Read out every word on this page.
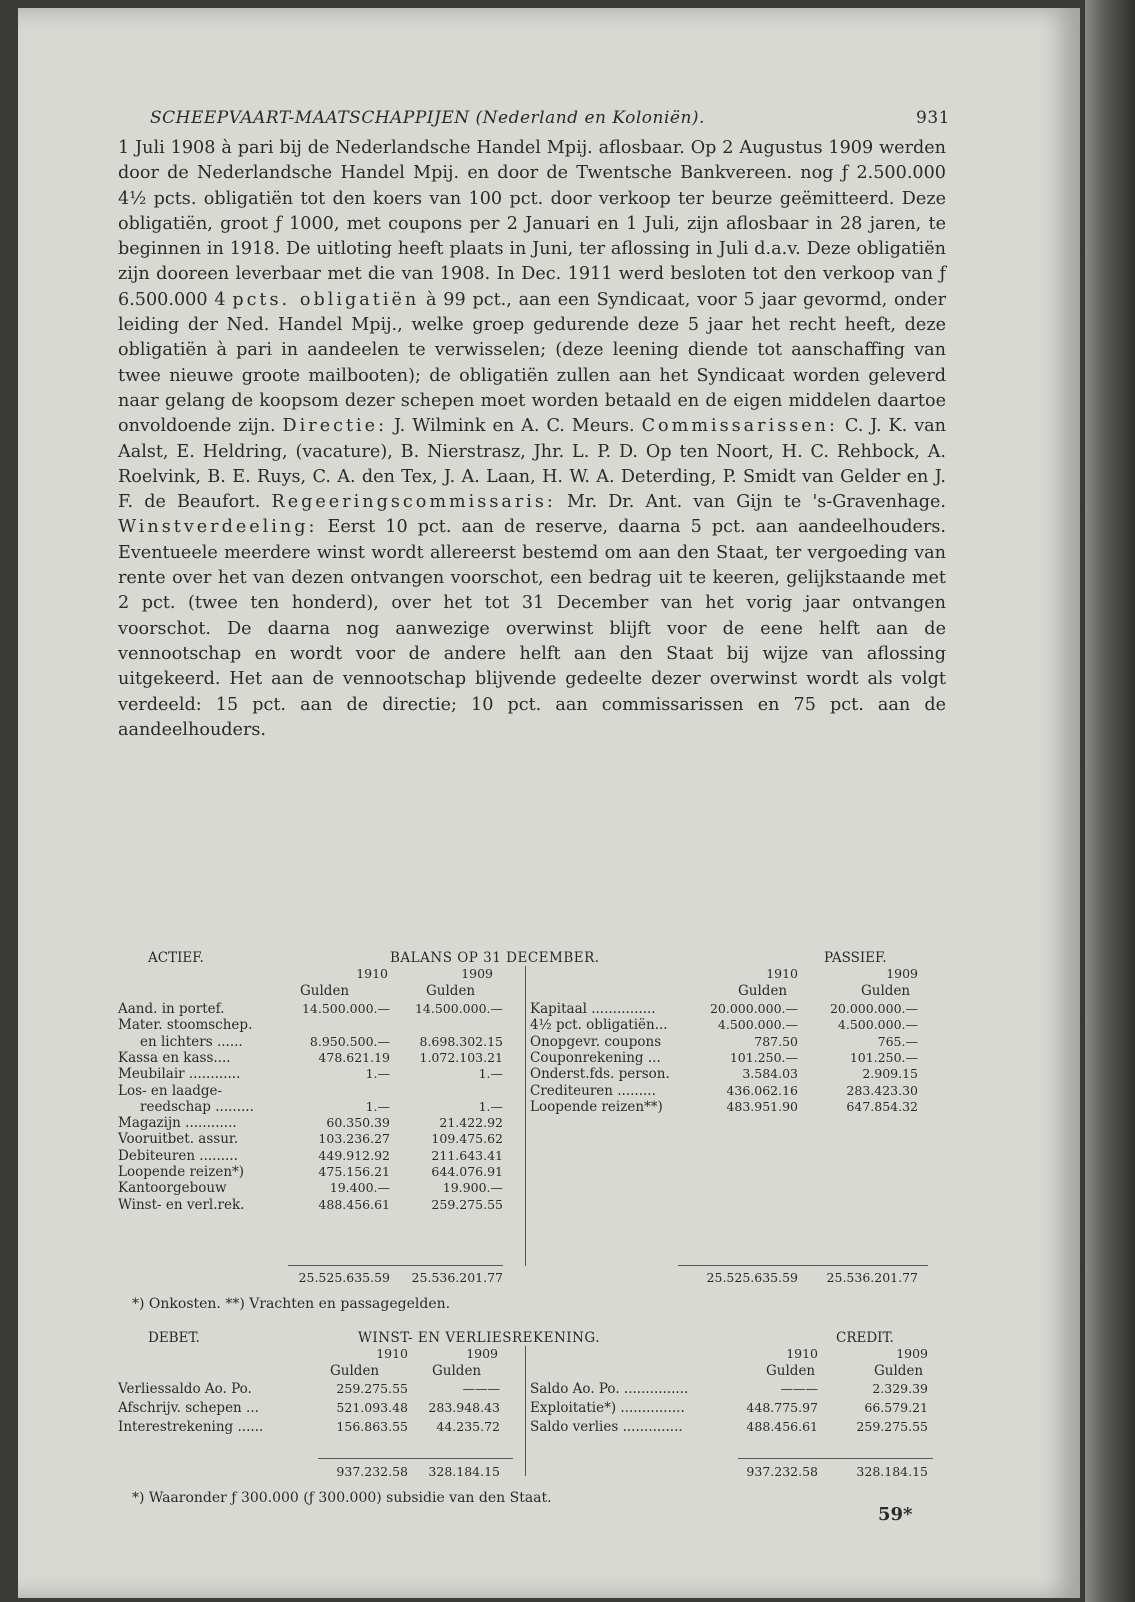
SCHEEPVAART-MAATSCHAPPIJEN (Nederland en Koloniën).	931

1 Juli 1908 à pari bij de Nederlandsche Handel Mpij. aflosbaar. Op 2 Augustus 1909 werden door de Nederlandsche Handel Mpij. en door de Twentsche Bankvereen. nog ƒ 2.500.000 4½ pcts. obligatiën tot den koers van 100 pct. door verkoop ter beurze geëmitteerd. Deze obligatiën, groot ƒ 1000, met coupons per 2 Januari en 1 Juli, zijn aflosbaar in 28 jaren, te beginnen in 1918. De uitloting heeft plaats in Juni, ter aflossing in Juli d.a.v. Deze obligatiën zijn dooreen leverbaar met die van 1908. In Dec. 1911 werd besloten tot den verkoop van ƒ 6.500.000 4 pcts. obligatiën à 99 pct., aan een Syndicaat, voor 5 jaar gevormd, onder leiding der Ned. Handel Mpij., welke groep gedurende deze 5 jaar het recht heeft, deze obligatiën à pari in aandeelen te verwisselen; (deze leening diende tot aanschaffing van twee nieuwe groote mailbooten); de obligatiën zullen aan het Syndicaat worden geleverd naar gelang de koopsom dezer schepen moet worden betaald en de eigen middelen daartoe onvoldoende zijn. Directie: J. Wilmink en A. C. Meurs. Commissarissen: C. J. K. van Aalst, E. Heldring, (vacature), B. Nierstrasz, Jhr. L. P. D. Op ten Noort, H. C. Rehbock, A. Roelvink, B. E. Ruys, C. A. den Tex, J. A. Laan, H. W. A. Deterding, P. Smidt van Gelder en J. F. de Beaufort. Regeeringscommissaris: Mr. Dr. Ant. van Gijn te 's-Gravenhage. Winstverdeeling: Eerst 10 pct. aan de reserve, daarna 5 pct. aan aandeelhouders. Eventueele meerdere winst wordt allereerst bestemd om aan den Staat, ter vergoeding van rente over het van dezen ontvangen voorschot, een bedrag uit te keeren, gelijkstaande met 2 pct. (twee ten honderd), over het tot 31 December van het vorig jaar ontvangen voorschot. De daarna nog aanwezige overwinst blijft voor de eene helft aan de vennootschap en wordt voor de andere helft aan den Staat bij wijze van aflossing uitgekeerd. Het aan de vennootschap blijvende gedeelte dezer overwinst wordt als volgt verdeeld: 15 pct. aan de directie; 10 pct. aan commissarissen en 75 pct. aan de aandeelhouders.

ACTIEF.	BALANS OP 31 DECEMBER.	PASSIEF.
1910	1909	1910	1909
Gulden	Gulden	Gulden	Gulden
Aand. in portef.	14.500.000.—	14.500.000.—
Mater. stoomschep.
en lichters ......	8.950.500.—	8.698.302.15
Kassa en kass....	478.621.19	1.072.103.21
Meubilair ............	1.—	1.—
Los- en laadge-
reedschap .........	1.—	1.—
Magazijn ............	60.350.39	21.422.92
Vooruitbet. assur.	103.236.27	109.475.62
Debiteuren .........	449.912.92	211.643.41
Loopende reizen*)	475.156.21	644.076.91
Kantoorgebouw	19.400.—	19.900.—
Winst- en verl.rek.	488.456.61	259.275.55
Kapitaal ...............	20.000.000.—	20.000.000.—
4½ pct. obligatiën...	4.500.000.—	4.500.000.—
Onopgevr. coupons	787.50	765.—
Couponrekening ...	101.250.—	101.250.—
Onderst.fds. person.	3.584.03	2.909.15
Crediteuren .........	436.062.16	283.423.30
Loopende reizen**)	483.951.90	647.854.32
25.525.635.59	25.536.201.77	25.525.635.59	25.536.201.77
*) Onkosten. **) Vrachten en passagegelden.
DEBET.	WINST- EN VERLIESREKENING.	CREDIT.
1910	1909	1910	1909
Gulden	Gulden	Gulden	Gulden
Verliessaldo Ao. Po.	259.275.55	———
Afschrijv. schepen ...	521.093.48	283.948.43
Interestrekening ......	156.863.55	44.235.72
Saldo Ao. Po. ...............	———	2.329.39
Exploitatie*) ...............	448.775.97	66.579.21
Saldo verlies ..............	488.456.61	259.275.55
937.232.58	328.184.15	937.232.58	328.184.15
*) Waaronder ƒ 300.000 (ƒ 300.000) subsidie van den Staat.
59*
